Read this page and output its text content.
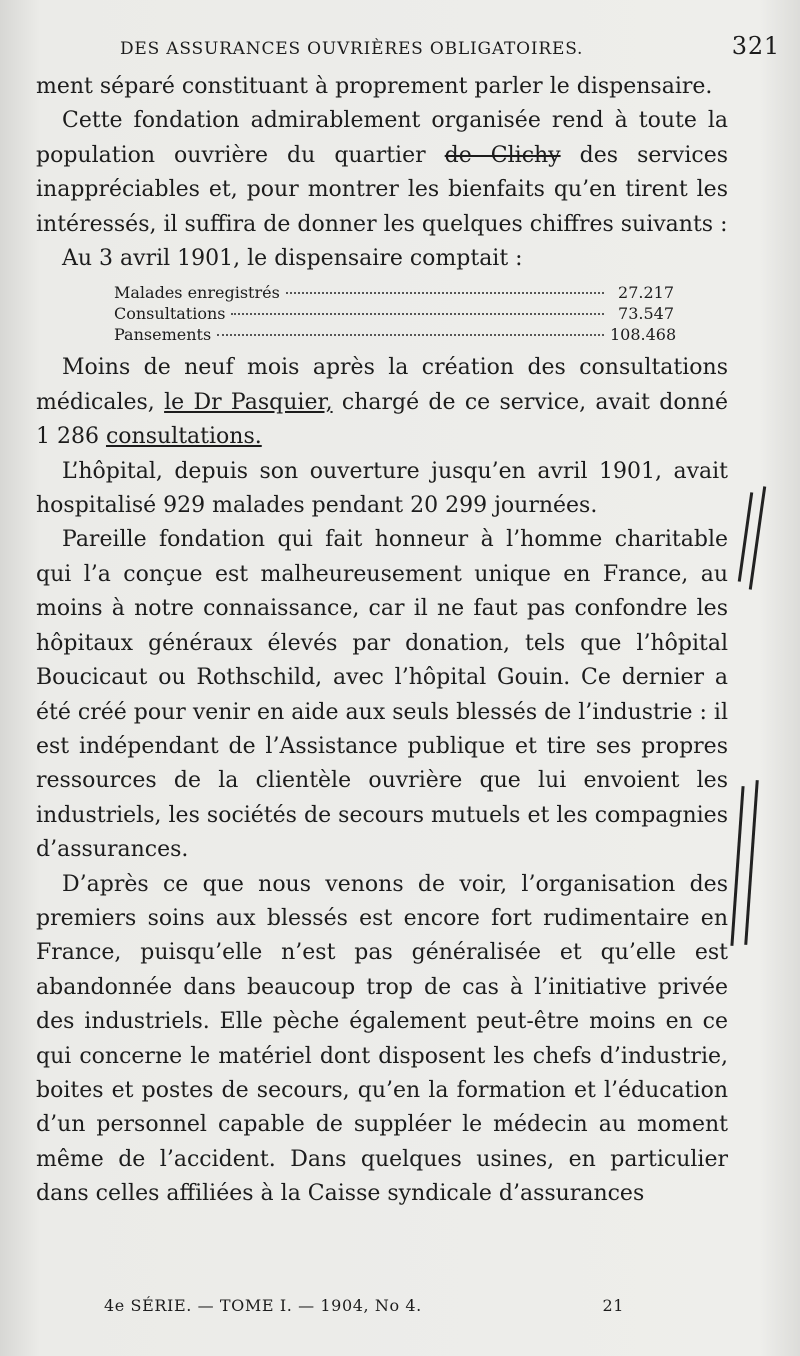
DES ASSURANCES OUVRIÈRES OBLIGATOIRES.	321

ment séparé constituant à proprement parler le dispensaire.

Cette fondation admirablement organisée rend à toute la population ouvrière du quartier de Clichy des services inappréciables et, pour montrer les bienfaits qu’en tirent les intéressés, il suffira de donner les quelques chiffres suivants :

Au 3 avril 1901, le dispensaire comptait :

Malades enregistrés	27.217
Consultations	73.547
Pansements	108.468

Moins de neuf mois après la création des consultations médicales, le Dr Pasquier, chargé de ce service, avait donné 1 286 consultations.

L’hôpital, depuis son ouverture jusqu’en avril 1901, avait hospitalisé 929 malades pendant 20 299 journées.

Pareille fondation qui fait honneur à l’homme charitable qui l’a conçue est malheureusement unique en France, au moins à notre connaissance, car il ne faut pas confondre les hôpitaux généraux élevés par donation, tels que l’hôpital Boucicaut ou Rothschild, avec l’hôpital Gouin. Ce dernier a été créé pour venir en aide aux seuls blessés de l’industrie : il est indépendant de l’Assistance publique et tire ses propres ressources de la clientèle ouvrière que lui envoient les industriels, les sociétés de secours mutuels et les compagnies d’assurances.

D’après ce que nous venons de voir, l’organisation des premiers soins aux blessés est encore fort rudimentaire en France, puisqu’elle n’est pas généralisée et qu’elle est abandonnée dans beaucoup trop de cas à l’initiative privée des industriels. Elle pèche également peut-être moins en ce qui concerne le matériel dont disposent les chefs d’industrie, boites et postes de secours, qu’en la formation et l’éducation d’un personnel capable de suppléer le médecin au moment même de l’accident. Dans quelques usines, en particulier dans celles affiliées à la Caisse syndicale d’assurances

4e SÉRIE. — TOME I. — 1904, No 4.	21
